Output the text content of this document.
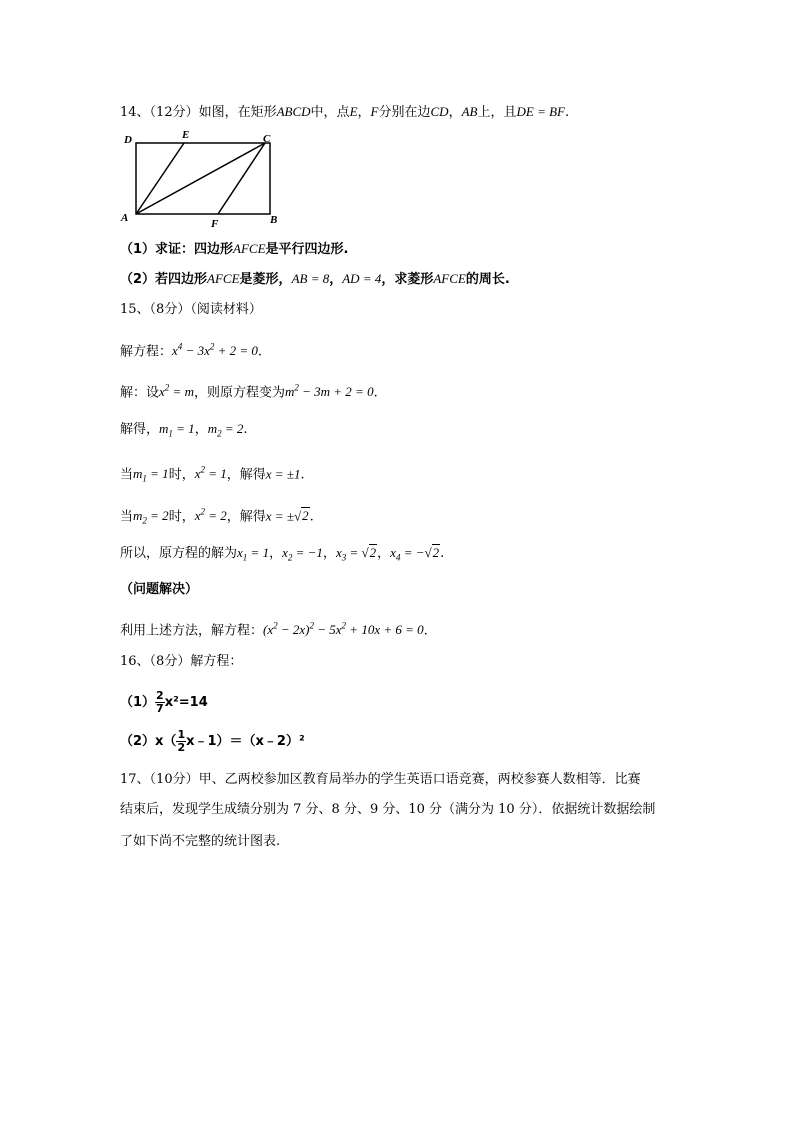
14、（12分）如图，在矩形ABCD中，点E，F分别在边CD，AB上，且DE = BF.
D	E	C
A	F	B
（1）求证：四边形AFCE是平行四边形.
（2）若四边形AFCE是菱形，AB = 8，AD = 4，求菱形AFCE的周长.
15、（8分）（阅读材料）
解方程：$x^4 - 3x^2 + 2 = 0$.
解：设$x^2 = m$，则原方程变为$m^2 - 3m + 2 = 0$.
解得，$m_1 = 1$，$m_2 = 2$.
当$m_1 = 1$时，$x^2 = 1$，解得x = ±1.
当$m_2 = 2$时，$x^2 = 2$，解得x = ±√2.
所以，原方程的解为$x_1 = 1$，$x_2 = -1$，$x_3 = √2$，$x_4 = -√2$.
（问题解决）
利用上述方法，解方程：$(x^2 - 2x)^2 - 5x^2 + 10x + 6 = 0$.
16、（8分）解方程：
$(1) \frac{2}{7} x^2=14$
$(2)x( \frac{1}{2}$ x﹣1）＝（x﹣2）²
17、（10分）甲、乙两校参加区教育局举办的学生英语口语竞赛，两校参赛人数相等．比赛
结束后，发现学生成绩分别为 7 分、8 分、9 分、10 分（满分为 10 分）．依据统计数据绘制
了如下尚不完整的统计图表.
